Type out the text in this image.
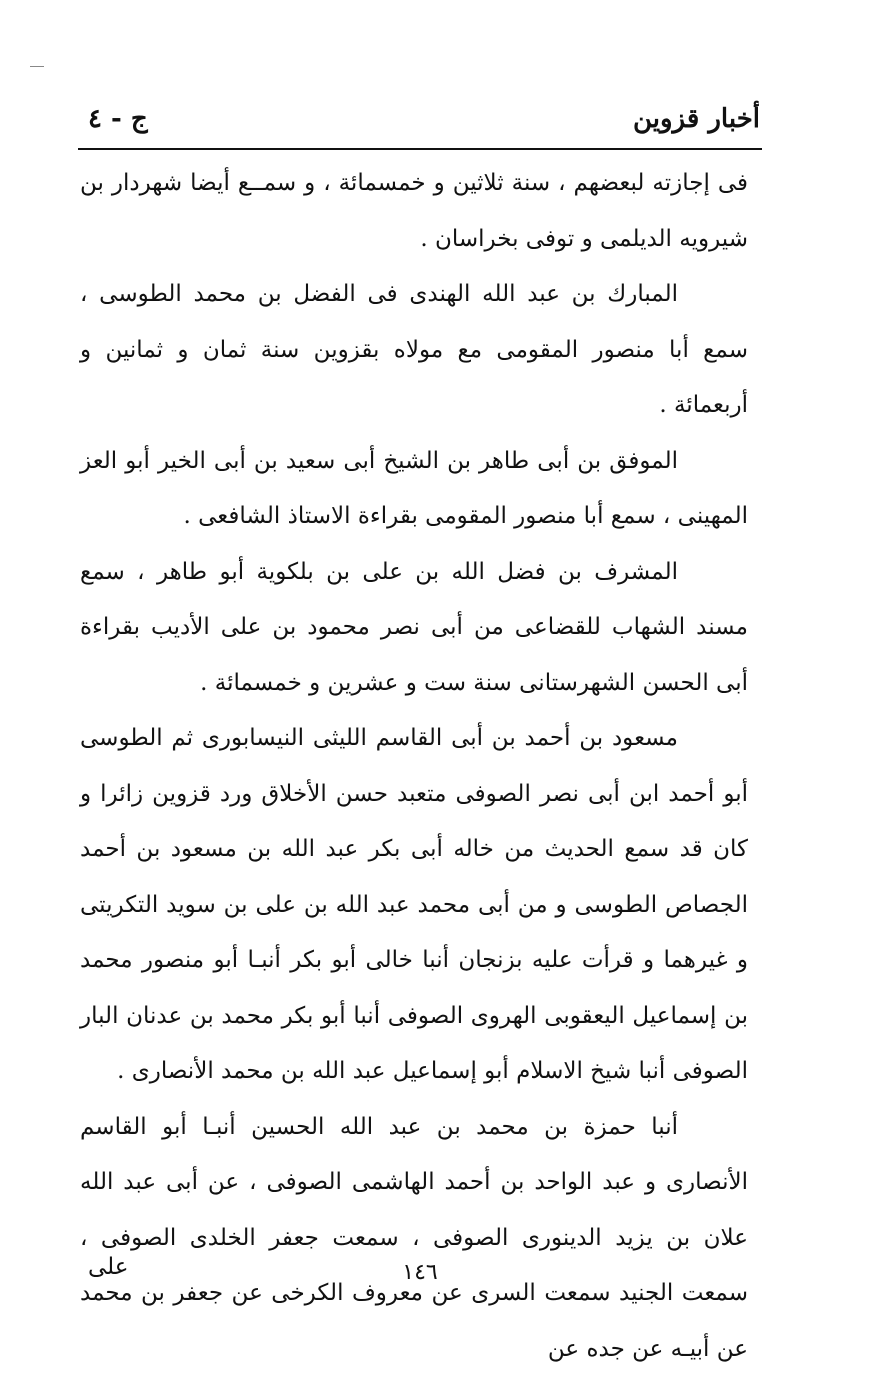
أخبار قزوين
ج - ٤

فى إجازته لبعضهم ، سنة ثلاثين و خمسمائة ، و سمــع أيضا شهردار بن شيرويه الديلمى و توفى بخراسان .

المبارك بن عبد الله الهندى فى الفضل بن محمد الطوسى ، سمع أبا منصور المقومى مع مولاه بقزوين سنة ثمان و ثمانين و أربعمائة .

الموفق بن أبى طاهر بن الشيخ أبى سعيد بن أبى الخير أبو العز المهينى ، سمع أبا منصور المقومى بقراءة الاستاذ الشافعى .

المشرف بن فضل الله بن على بن بلكوية أبو طاهر ، سمع مسند الشهاب للقضاعى من أبى نصر محمود بن على الأديب بقراءة أبى الحسن الشهرستانى سنة ست و عشرين و خمسمائة .

مسعود بن أحمد بن أبى القاسم الليثى النيسابورى ثم الطوسى أبو أحمد ابن أبى نصر الصوفى متعبد حسن الأخلاق ورد قزوين زائرا و كان قد سمع الحديث من خاله أبى بكر عبد الله بن مسعود بن أحمد الجصاص الطوسى و من أبى محمد عبد الله بن على بن سويد التكريتى و غيرهما و قرأت عليه بزنجان أنبا خالى أبو بكر أنبـا أبو منصور محمد بن إسماعيل اليعقوبى الهروى الصوفى أنبا أبو بكر محمد بن عدنان البار الصوفى أنبا شيخ الاسلام أبو إسماعيل عبد الله بن محمد الأنصارى .

أنبا حمزة بن محمد بن عبد الله الحسين أنبـا أبو القاسم الأنصارى و عبد الواحد بن أحمد الهاشمى الصوفى ، عن أبى عبد الله علان بن يزيد الدينورى الصوفى ، سمعت جعفر الخلدى الصوفى ، سمعت الجنيد سمعت السرى عن معروف الكرخى عن جعفر بن محمد عن أبيـه عن جده عن

١٤٦
على
